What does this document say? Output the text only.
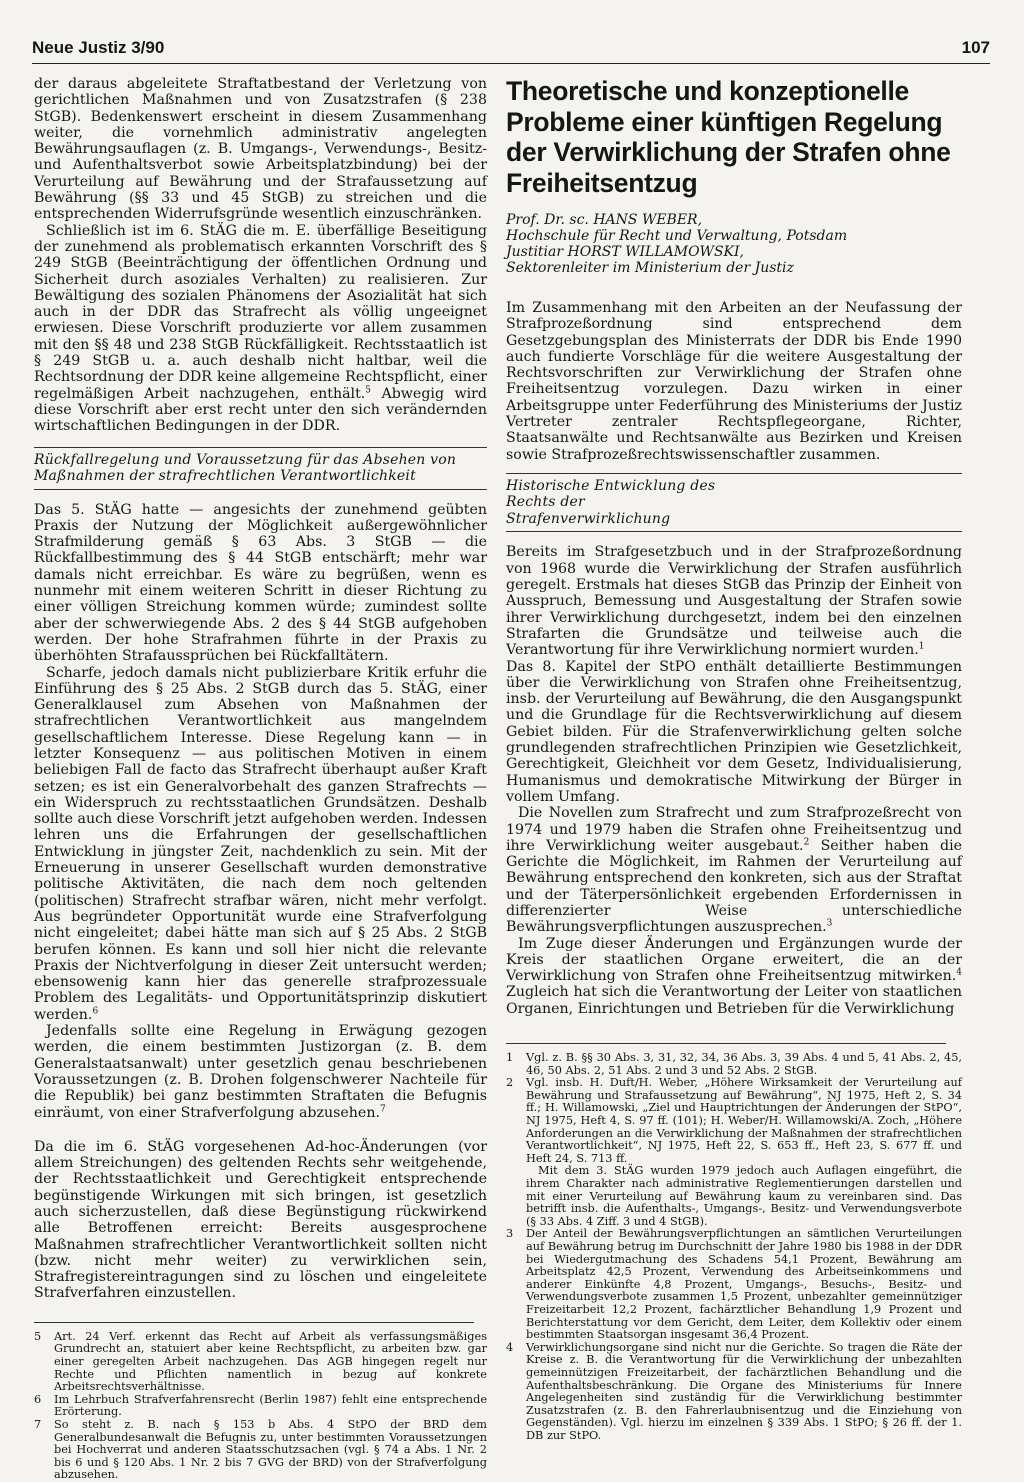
Neue Justiz 3/90	107

der daraus abgeleitete Straftatbestand der Verletzung von gerichtlichen Maßnahmen und von Zusatzstrafen (§ 238 StGB). Bedenkenswert erscheint in diesem Zusammenhang weiter, die vornehmlich administrativ angelegten Bewährungsauflagen (z. B. Umgangs-, Verwendungs-, Besitz- und Aufenthaltsverbot sowie Arbeitsplatzbindung) bei der Verurteilung auf Bewährung und der Strafaussetzung auf Bewährung (§§ 33 und 45 StGB) zu streichen und die entsprechenden Widerrufsgründe wesentlich einzuschränken.

Schließlich ist im 6. StÄG die m. E. überfällige Beseitigung der zunehmend als problematisch erkannten Vorschrift des § 249 StGB (Beeinträchtigung der öffentlichen Ordnung und Sicherheit durch asoziales Verhalten) zu realisieren. Zur Bewältigung des sozialen Phänomens der Asozialität hat sich auch in der DDR das Strafrecht als völlig ungeeignet erwiesen. Diese Vorschrift produzierte vor allem zusammen mit den §§ 48 und 238 StGB Rückfälligkeit. Rechtsstaatlich ist § 249 StGB u. a. auch deshalb nicht haltbar, weil die Rechtsordnung der DDR keine allgemeine Rechtspflicht, einer regelmäßigen Arbeit nachzugehen, enthält.$^5$ Abwegig wird diese Vorschrift aber erst recht unter den sich verändernden wirtschaftlichen Bedingungen in der DDR.

Rückfallregelung und Voraussetzung für das Absehen von Maßnahmen der strafrechtlichen Verantwortlichkeit

Das 5. StÄG hatte — angesichts der zunehmend geübten Praxis der Nutzung der Möglichkeit außergewöhnlicher Strafmilderung gemäß § 63 Abs. 3 StGB — die Rückfallbestimmung des § 44 StGB entschärft; mehr war damals nicht erreichbar. Es wäre zu begrüßen, wenn es nunmehr mit einem weiteren Schritt in dieser Richtung zu einer völligen Streichung kommen würde; zumindest sollte aber der schwerwiegende Abs. 2 des § 44 StGB aufgehoben werden. Der hohe Strafrahmen führte in der Praxis zu überhöhten Strafaussprüchen bei Rückfalltätern.

Scharfe, jedoch damals nicht publizierbare Kritik erfuhr die Einführung des § 25 Abs. 2 StGB durch das 5. StÄG, einer Generalklausel zum Absehen von Maßnahmen der strafrechtlichen Verantwortlichkeit aus mangelndem gesellschaftlichem Interesse. Diese Regelung kann — in letzter Konsequenz — aus politischen Motiven in einem beliebigen Fall de facto das Strafrecht überhaupt außer Kraft setzen; es ist ein Generalvorbehalt des ganzen Strafrechts — ein Widerspruch zu rechtsstaatlichen Grundsätzen. Deshalb sollte auch diese Vorschrift jetzt aufgehoben werden. Indessen lehren uns die Erfahrungen der gesellschaftlichen Entwicklung in jüngster Zeit, nachdenklich zu sein. Mit der Erneuerung in unserer Gesellschaft wurden demonstrative politische Aktivitäten, die nach dem noch geltenden (politischen) Strafrecht strafbar wären, nicht mehr verfolgt. Aus begründeter Opportunität wurde eine Strafverfolgung nicht eingeleitet; dabei hätte man sich auf § 25 Abs. 2 StGB berufen können. Es kann und soll hier nicht die relevante Praxis der Nichtverfolgung in dieser Zeit untersucht werden; ebensowenig kann hier das generelle strafprozessuale Problem des Legalitäts- und Opportunitätsprinzip diskutiert werden.$^6$

Jedenfalls sollte eine Regelung in Erwägung gezogen werden, die einem bestimmten Justizorgan (z. B. dem Generalstaatsanwalt) unter gesetzlich genau beschriebenen Voraussetzungen (z. B. Drohen folgenschwerer Nachteile für die Republik) bei ganz bestimmten Straftaten die Befugnis einräumt, von einer Strafverfolgung abzusehen.$^7$

Da die im 6. StÄG vorgesehenen Ad-hoc-Änderungen (vor allem Streichungen) des geltenden Rechts sehr weitgehende, der Rechtsstaatlichkeit und Gerechtigkeit entsprechende begünstigende Wirkungen mit sich bringen, ist gesetzlich auch sicherzustellen, daß diese Begünstigung rückwirkend alle Betroffenen erreicht: Bereits ausgesprochene Maßnahmen strafrechtlicher Verantwortlichkeit sollten nicht (bzw. nicht mehr weiter) zu verwirklichen sein, Strafregistereintragungen sind zu löschen und eingeleitete Strafverfahren einzustellen.

5	Art. 24 Verf. erkennt das Recht auf Arbeit als verfassungsmäßiges Grundrecht an, statuiert aber keine Rechtspflicht, zu arbeiten bzw. gar einer geregelten Arbeit nachzugehen. Das AGB hingegen regelt nur Rechte und Pflichten namentlich in bezug auf konkrete Arbeitsrechtsverhältnisse.

6	Im Lehrbuch Strafverfahrensrecht (Berlin 1987) fehlt eine entsprechende Erörterung.

7	So steht z. B. nach § 153 b Abs. 4 StPO der BRD dem Generalbundesanwalt die Befugnis zu, unter bestimmten Voraussetzungen bei Hochverrat und anderen Staatsschutzsachen (vgl. § 74 a Abs. 1 Nr. 2 bis 6 und § 120 Abs. 1 Nr. 2 bis 7 GVG der BRD) von der Strafverfolgung abzusehen.

Theoretische und konzeptionelle Probleme einer künftigen Regelung der Verwirklichung der Strafen ohne Freiheitsentzug

Prof. Dr. sc. HANS WEBER,

Hochschule für Recht und Verwaltung, Potsdam

Justitiar HORST WILLAMOWSKI,

Sektorenleiter im Ministerium der Justiz

Im Zusammenhang mit den Arbeiten an der Neufassung der Strafprozeßordnung sind entsprechend dem Gesetzgebungsplan des Ministerrats der DDR bis Ende 1990 auch fundierte Vorschläge für die weitere Ausgestaltung der Rechtsvorschriften zur Verwirklichung der Strafen ohne Freiheitsentzug vorzulegen. Dazu wirken in einer Arbeitsgruppe unter Federführung des Ministeriums der Justiz Vertreter zentraler Rechtspflegeorgane, Richter, Staatsanwälte und Rechtsanwälte aus Bezirken und Kreisen sowie Strafprozeßrechtswissenschaftler zusammen.

Historische Entwicklung des Rechts der Strafenverwirklichung

Bereits im Strafgesetzbuch und in der Strafprozeßordnung von 1968 wurde die Verwirklichung der Strafen ausführlich geregelt. Erstmals hat dieses StGB das Prinzip der Einheit von Ausspruch, Bemessung und Ausgestaltung der Strafen sowie ihrer Verwirklichung durchgesetzt, indem bei den einzelnen Strafarten die Grundsätze und teilweise auch die Verantwortung für ihre Verwirklichung normiert wurden.$^1$

Das 8. Kapitel der StPO enthält detaillierte Bestimmungen über die Verwirklichung von Strafen ohne Freiheitsentzug, insb. der Verurteilung auf Bewährung, die den Ausgangspunkt und die Grundlage für die Rechtsverwirklichung auf diesem Gebiet bilden. Für die Strafenverwirklichung gelten solche grundlegenden strafrechtlichen Prinzipien wie Gesetzlichkeit, Gerechtigkeit, Gleichheit vor dem Gesetz, Individualisierung, Humanismus und demokratische Mitwirkung der Bürger in vollem Umfang.

Die Novellen zum Strafrecht und zum Strafprozeßrecht von 1974 und 1979 haben die Strafen ohne Freiheitsentzug und ihre Verwirklichung weiter ausgebaut.$^2$ Seither haben die Gerichte die Möglichkeit, im Rahmen der Verurteilung auf Bewährung entsprechend den konkreten, sich aus der Straftat und der Täterpersönlichkeit ergebenden Erfordernissen in differenzierter Weise unterschiedliche Bewährungsverpflichtungen auszusprechen.$^3$

Im Zuge dieser Änderungen und Ergänzungen wurde der Kreis der staatlichen Organe erweitert, die an der Verwirklichung von Strafen ohne Freiheitsentzug mitwirken.$^4$ Zugleich hat sich die Verantwortung der Leiter von staatlichen Organen, Einrichtungen und Betrieben für die Verwirklichung

1	Vgl. z. B. §§ 30 Abs. 3, 31, 32, 34, 36 Abs. 3, 39 Abs. 4 und 5, 41 Abs. 2, 45, 46, 50 Abs. 2, 51 Abs. 2 und 3 und 52 Abs. 2 StGB.

2	Vgl. insb. H. Duft/H. Weber, „Höhere Wirksamkeit der Verurteilung auf Bewährung und Strafaussetzung auf Bewährung“, NJ 1975, Heft 2, S. 34 ff.; H. Willamowski, „Ziel und Hauptrichtungen der Änderungen der StPO“, NJ 1975, Heft 4, S. 97 ff. (101); H. Weber/H. Willamowski/A. Zoch, „Höhere Anforderungen an die Verwirklichung der Maßnahmen der strafrechtlichen Verantwortlichkeit“, NJ 1975, Heft 22, S. 653 ff., Heft 23, S. 677 ff. und Heft 24, S. 713 ff.

Mit dem 3. StÄG wurden 1979 jedoch auch Auflagen eingeführt, die ihrem Charakter nach administrative Reglementierungen darstellen und mit einer Verurteilung auf Bewährung kaum zu vereinbaren sind. Das betrifft insb. die Aufenthalts-, Umgangs-, Besitz- und Verwendungsverbote (§ 33 Abs. 4 Ziff. 3 und 4 StGB).

3	Der Anteil der Bewährungsverpflichtungen an sämtlichen Verurteilungen auf Bewährung betrug im Durchschnitt der Jahre 1980 bis 1988 in der DDR bei Wiedergutmachung des Schadens 54,1 Prozent, Bewährung am Arbeitsplatz 42,5 Prozent, Verwendung des Arbeitseinkommens und anderer Einkünfte 4,8 Prozent, Umgangs-, Besuchs-, Besitz- und Verwendungsverbote zusammen 1,5 Prozent, unbezahlter gemeinnütziger Freizeitarbeit 12,2 Prozent, fachärztlicher Behandlung 1,9 Prozent und Berichterstattung vor dem Gericht, dem Leiter, dem Kollektiv oder einem bestimmten Staatsorgan insgesamt 36,4 Prozent.

4	Verwirklichungsorgane sind nicht nur die Gerichte. So tragen die Räte der Kreise z. B. die Verantwortung für die Verwirklichung der unbezahlten gemeinnützigen Freizeitarbeit, der fachärztlichen Behandlung und die Aufenthaltsbeschränkung. Die Organe des Ministeriums für Innere Angelegenheiten sind zuständig für die Verwirklichung bestimmter Zusatzstrafen (z. B. den Fahrerlaubnisentzug und die Einziehung von Gegenständen). Vgl. hierzu im einzelnen § 339 Abs. 1 StPO; § 26 ff. der 1. DB zur StPO.
